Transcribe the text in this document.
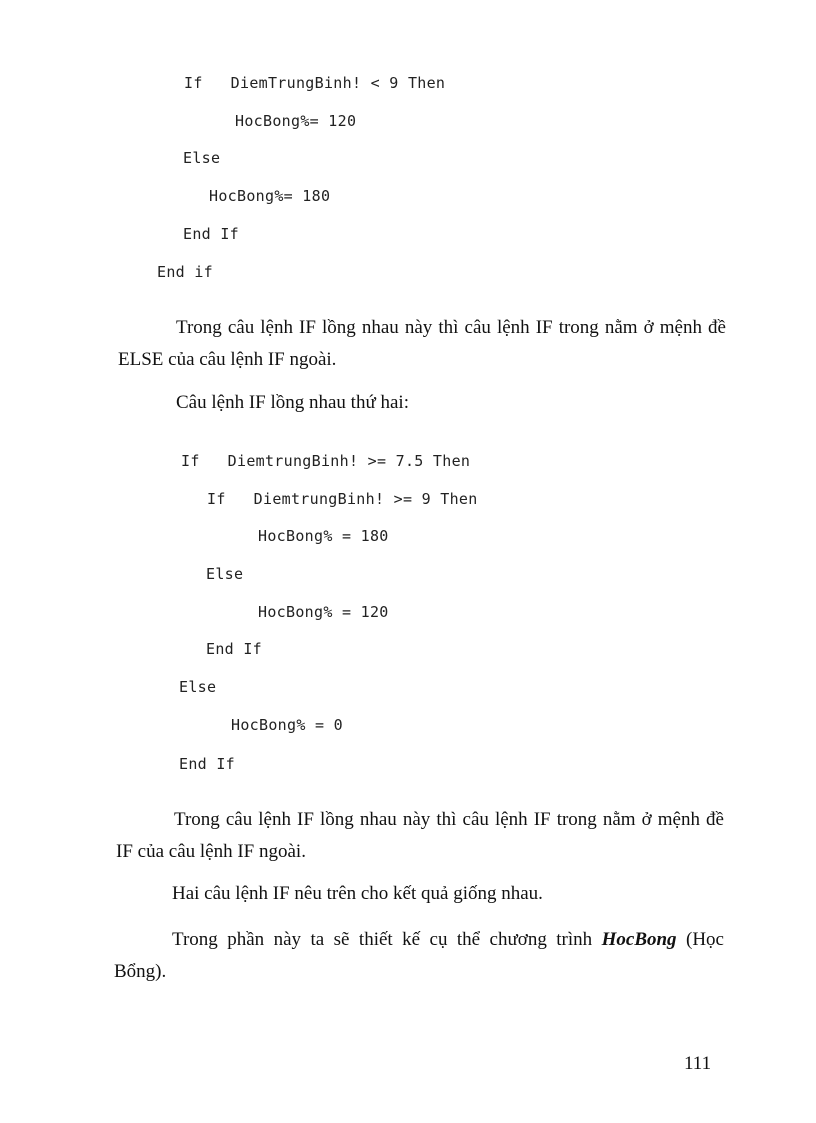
If   DiemTrungBinh! < 9 Then
HocBong%= 120
Else
HocBong%= 180
End If
End if
Trong câu lệnh IF lồng nhau này thì câu lệnh IF trong nằm ở mệnh đề ELSE của câu lệnh IF ngoài.
Câu lệnh IF lồng nhau thứ hai:
If   DiemtrungBinh! >= 7.5 Then
If   DiemtrungBinh! >= 9 Then
HocBong% = 180
Else
HocBong% = 120
End If
Else
HocBong% = 0
End If
Trong câu lệnh IF lồng nhau này thì câu lệnh IF trong nằm ở mệnh đề IF của câu lệnh IF ngoài.
Hai câu lệnh IF nêu trên cho kết quả giống nhau.
Trong phần này ta sẽ thiết kế cụ thể chương trình HocBong (Học Bổng).
111
